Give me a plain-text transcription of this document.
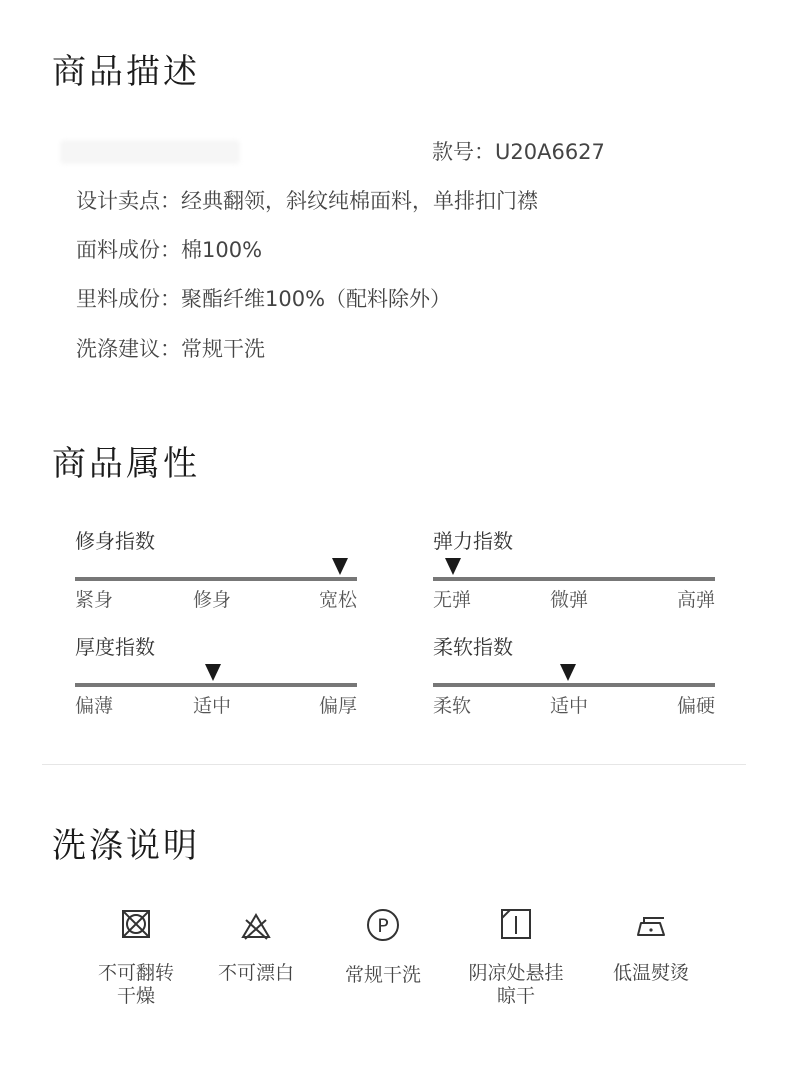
商品描述
款号：U20A6627
设计卖点：经典翻领，斜纹纯棉面料，单排扣门襟
面料成份：棉100%
里料成份：聚酯纤维100%（配料除外）
洗涤建议：常规干洗
商品属性
修身指数
紧身	修身	宽松
弹力指数
无弹	微弹	高弹
厚度指数
偏薄	适中	偏厚
柔软指数
柔软	适中	偏硬
洗涤说明
不可翻转
干燥
不可漂白
P
常规干洗	阴凉处悬挂
晾干
低温熨烫
